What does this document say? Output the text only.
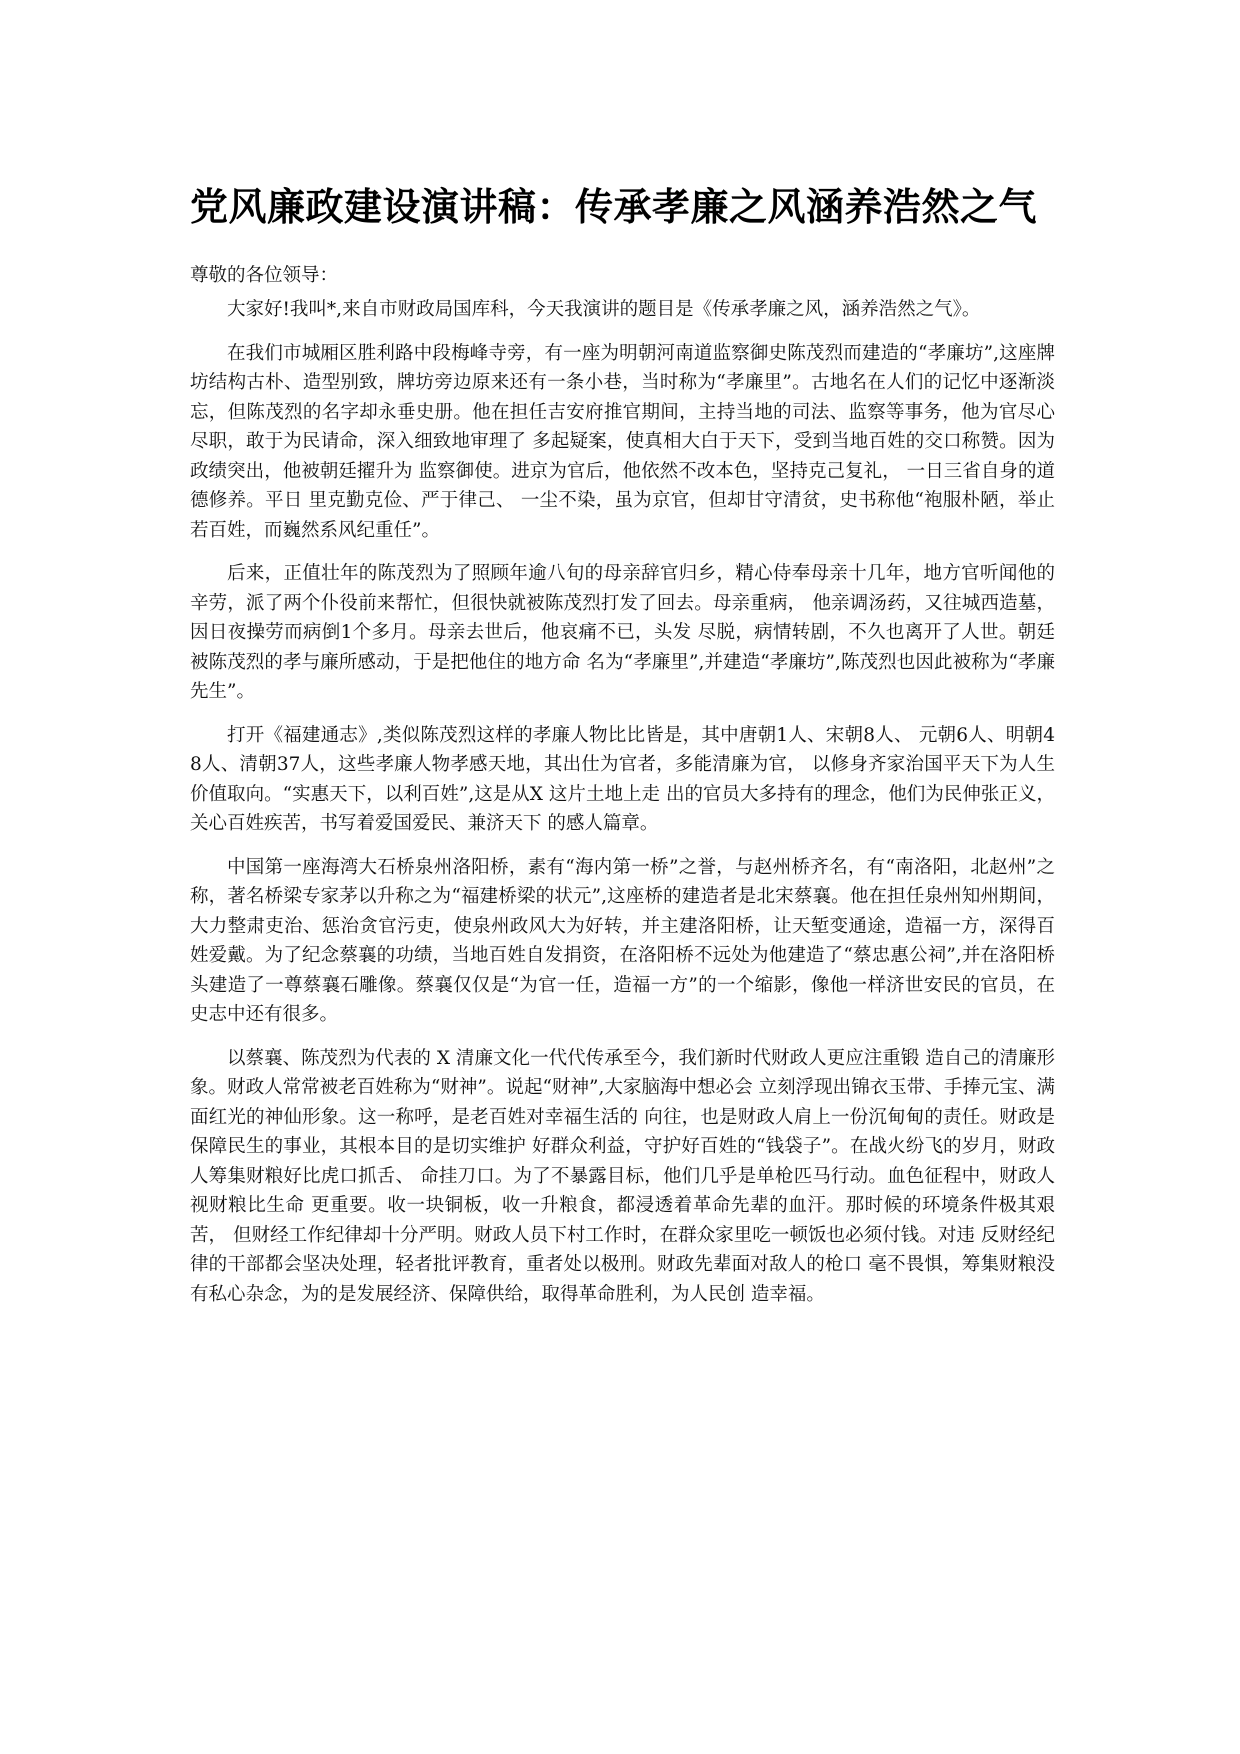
党风廉政建设演讲稿：传承孝廉之风涵养浩然之气

尊敬的各位领导：

大家好!我叫*,来自市财政局国库科，今天我演讲的题目是《传承孝廉之风，涵养浩然之气》。

在我们市城厢区胜利路中段梅峰寺旁，有一座为明朝河南道监察御史陈茂烈而建造的“孝廉坊”,这座牌坊结构古朴、造型别致，牌坊旁边原来还有一条小巷，当时称为“孝廉里”。古地名在人们的记忆中逐渐淡忘，但陈茂烈的名字却永垂史册。他在担任吉安府推官期间，主持当地的司法、监察等事务，他为官尽心尽职，敢于为民请命，深入细致地审理了 多起疑案，使真相大白于天下，受到当地百姓的交口称赞。因为政绩突出，他被朝廷擢升为 监察御使。进京为官后，他依然不改本色，坚持克己复礼， 一日三省自身的道德修养。平日 里克勤克俭、严于律己、 一尘不染，虽为京官，但却甘守清贫，史书称他“袍服朴陋，举止 若百姓，而巍然系风纪重任”。

后来，正值壮年的陈茂烈为了照顾年逾八旬的母亲辞官归乡，精心侍奉母亲十几年，地方官听闻他的辛劳，派了两个仆役前来帮忙，但很快就被陈茂烈打发了回去。母亲重病， 他亲调汤药，又往城西造墓，因日夜操劳而病倒1个多月。母亲去世后，他哀痛不已，头发 尽脱，病情转剧，不久也离开了人世。朝廷被陈茂烈的孝与廉所感动，于是把他住的地方命 名为“孝廉里”,并建造“孝廉坊”,陈茂烈也因此被称为“孝廉先生”。

打开《福建通志》,类似陈茂烈这样的孝廉人物比比皆是，其中唐朝1人、宋朝8人、 元朝6人、明朝48人、清朝37人，这些孝廉人物孝感天地，其出仕为官者，多能清廉为官， 以修身齐家治国平天下为人生价值取向。“实惠天下，以利百姓”,这是从X 这片土地上走 出的官员大多持有的理念，他们为民伸张正义，关心百姓疾苦，书写着爱国爱民、兼济天下 的感人篇章。

中国第一座海湾大石桥泉州洛阳桥，素有“海内第一桥”之誉，与赵州桥齐名，有“南洛阳，北赵州”之称，著名桥梁专家茅以升称之为“福建桥梁的状元”,这座桥的建造者是北宋蔡襄。他在担任泉州知州期间，大力整肃吏治、惩治贪官污吏，使泉州政风大为好转，并主建洛阳桥，让天堑变通途，造福一方，深得百姓爱戴。为了纪念蔡襄的功绩，当地百姓自发捐资，在洛阳桥不远处为他建造了“蔡忠惠公祠”,并在洛阳桥头建造了一尊蔡襄石雕像。蔡襄仅仅是“为官一任，造福一方”的一个缩影，像他一样济世安民的官员，在史志中还有很多。

以蔡襄、陈茂烈为代表的 X 清廉文化一代代传承至今，我们新时代财政人更应注重锻 造自己的清廉形象。财政人常常被老百姓称为“财神”。说起“财神”,大家脑海中想必会 立刻浮现出锦衣玉带、手捧元宝、满面红光的神仙形象。这一称呼，是老百姓对幸福生活的 向往，也是财政人肩上一份沉甸甸的责任。财政是保障民生的事业，其根本目的是切实维护 好群众利益，守护好百姓的“钱袋子”。在战火纷飞的岁月，财政人筹集财粮好比虎口抓舌、 命挂刀口。为了不暴露目标，他们几乎是单枪匹马行动。血色征程中，财政人视财粮比生命 更重要。收一块铜板，收一升粮食，都浸透着革命先辈的血汗。那时候的环境条件极其艰苦， 但财经工作纪律却十分严明。财政人员下村工作时，在群众家里吃一顿饭也必须付钱。对违 反财经纪律的干部都会坚决处理，轻者批评教育，重者处以极刑。财政先辈面对敌人的枪口 毫不畏惧，筹集财粮没有私心杂念，为的是发展经济、保障供给，取得革命胜利，为人民创 造幸福。
